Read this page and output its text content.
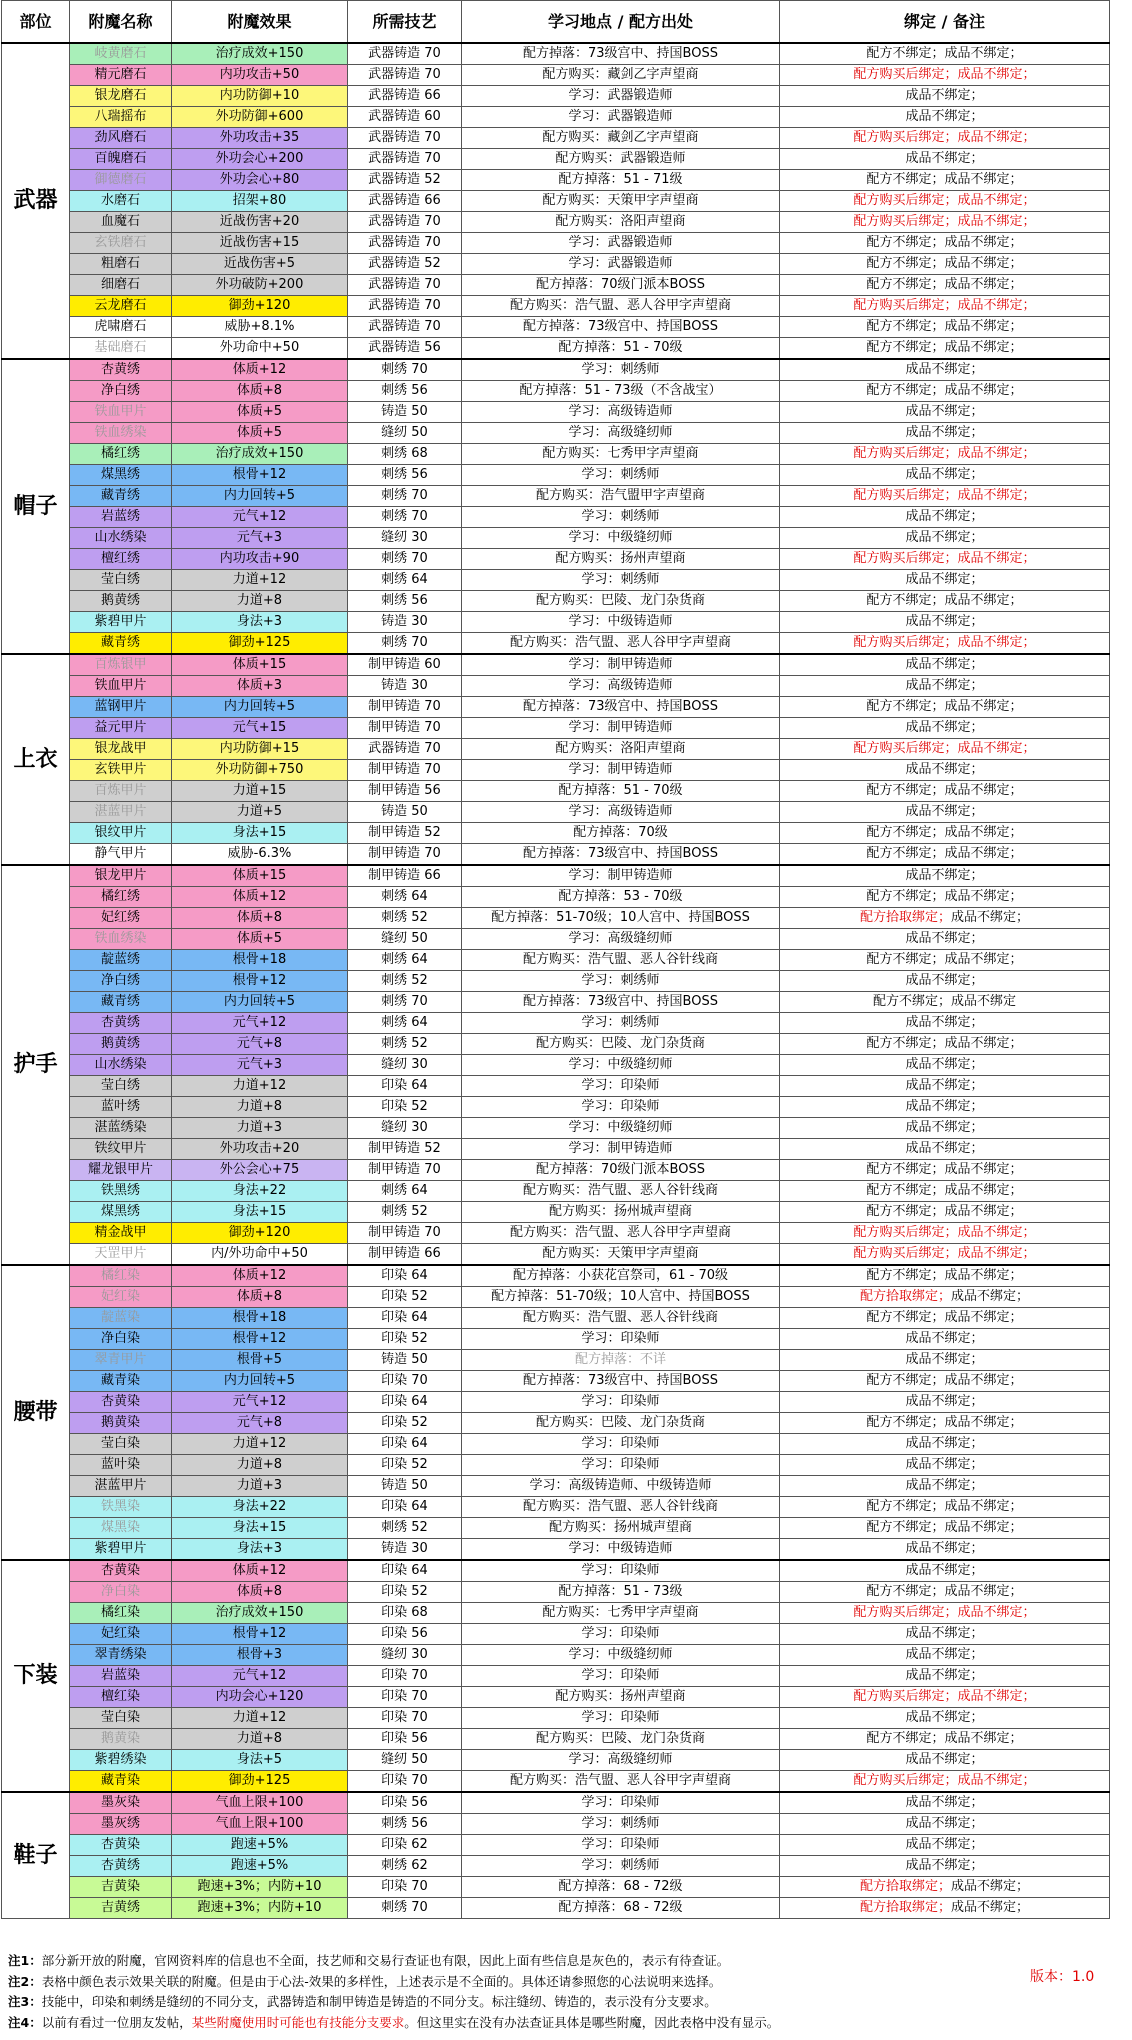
部位	附魔名称	附魔效果	所需技艺	学习地点 / 配方出处	绑定 / 备注
武器	岐黄磨石	治疗成效+150	武器铸造 70	配方掉落：73级宫中、持国BOSS	配方不绑定；成品不绑定；
	精元磨石	内功攻击+50	武器铸造 70	配方购买：藏剑乙字声望商	配方购买后绑定；成品不绑定；
	银龙磨石	内功防御+10	武器铸造 66	学习：武器锻造师	成品不绑定；
	八瑞摇布	外功防御+600	武器铸造 60	学习：武器锻造师	成品不绑定；
	劲风磨石	外功攻击+35	武器铸造 70	配方购买：藏剑乙字声望商	配方购买后绑定；成品不绑定；
	百魄磨石	外功会心+200	武器铸造 70	配方购买：武器锻造师	成品不绑定；
	御德磨石	外功会心+80	武器铸造 52	配方掉落：51 - 71级	配方不绑定；成品不绑定；
	水磨石	招架+80	武器铸造 66	配方购买：天策甲字声望商	配方购买后绑定；成品不绑定；
	血魔石	近战伤害+20	武器铸造 70	配方购买：洛阳声望商	配方购买后绑定；成品不绑定；
	玄铁磨石	近战伤害+15	武器铸造 70	学习：武器锻造师	配方不绑定；成品不绑定；
	粗磨石	近战伤害+5	武器铸造 52	学习：武器锻造师	配方不绑定；成品不绑定；
	细磨石	外功破防+200	武器铸造 70	配方掉落：70级门派本BOSS	配方不绑定；成品不绑定；
	云龙磨石	御劲+120	武器铸造 70	配方购买：浩气盟、恶人谷甲字声望商	配方购买后绑定；成品不绑定；
	虎啸磨石	威胁+8.1%	武器铸造 70	配方掉落：73级宫中、持国BOSS	配方不绑定；成品不绑定；
	基础磨石	外功命中+50	武器铸造 56	配方掉落：51 - 70级	配方不绑定；成品不绑定；
帽子	杏黄绣	体质+12	刺绣 70	学习：刺绣师	成品不绑定；
	净白绣	体质+8	刺绣 56	配方掉落：51 - 73级（不含战宝）	配方不绑定；成品不绑定；
	铁血甲片	体质+5	铸造 50	学习：高级铸造师	成品不绑定；
	铁血绣染	体质+5	缝纫 50	学习：高级缝纫师	成品不绑定；
	橘红绣	治疗成效+150	刺绣 68	配方购买：七秀甲字声望商	配方购买后绑定；成品不绑定；
	煤黑绣	根骨+12	刺绣 56	学习：刺绣师	成品不绑定；
	藏青绣	内力回转+5	刺绣 70	配方购买：浩气盟甲字声望商	配方购买后绑定；成品不绑定；
	岩蓝绣	元气+12	刺绣 70	学习：刺绣师	成品不绑定；
	山水绣染	元气+3	缝纫 30	学习：中级缝纫师	成品不绑定；
	檀红绣	内功攻击+90	刺绣 70	配方购买：扬州声望商	配方购买后绑定；成品不绑定；
	莹白绣	力道+12	刺绣 64	学习：刺绣师	成品不绑定；
	鹅黄绣	力道+8	刺绣 56	配方购买：巴陵、龙门杂货商	配方不绑定；成品不绑定；
	紫碧甲片	身法+3	铸造 30	学习：中级铸造师	成品不绑定；
	藏青绣	御劲+125	刺绣 70	配方购买：浩气盟、恶人谷甲字声望商	配方购买后绑定；成品不绑定；
上衣	百炼银甲	体质+15	制甲铸造 60	学习：制甲铸造师	成品不绑定；
	铁血甲片	体质+3	铸造 30	学习：高级铸造师	成品不绑定；
	蓝钢甲片	内力回转+5	制甲铸造 70	配方掉落：73级宫中、持国BOSS	配方不绑定；成品不绑定；
	益元甲片	元气+15	制甲铸造 70	学习：制甲铸造师	成品不绑定；
	银龙战甲	内功防御+15	武器铸造 70	配方购买：洛阳声望商	配方购买后绑定；成品不绑定；
	玄铁甲片	外功防御+750	制甲铸造 70	学习：制甲铸造师	成品不绑定；
	百炼甲片	力道+15	制甲铸造 56	配方掉落：51 - 70级	配方不绑定；成品不绑定；
	湛蓝甲片	力道+5	铸造 50	学习：高级铸造师	成品不绑定；
	银纹甲片	身法+15	制甲铸造 52	配方掉落：70级	配方不绑定；成品不绑定；
	静气甲片	威胁-6.3%	制甲铸造 70	配方掉落：73级宫中、持国BOSS	配方不绑定；成品不绑定；
护手	银龙甲片	体质+15	制甲铸造 66	学习：制甲铸造师	成品不绑定；
	橘红绣	体质+12	刺绣 64	配方掉落：53 - 70级	配方不绑定；成品不绑定；
	妃红绣	体质+8	刺绣 52	配方掉落：51-70级；10人宫中、持国BOSS	配方拾取绑定；成品不绑定；
	铁血绣染	体质+5	缝纫 50	学习：高级缝纫师	成品不绑定；
	靛蓝绣	根骨+18	刺绣 64	配方购买：浩气盟、恶人谷针线商	配方不绑定；成品不绑定；
	净白绣	根骨+12	刺绣 52	学习：刺绣师	成品不绑定；
	藏青绣	内力回转+5	刺绣 70	配方掉落：73级宫中、持国BOSS	配方不绑定；成品不绑定
	杏黄绣	元气+12	刺绣 64	学习：刺绣师	成品不绑定；
	鹅黄绣	元气+8	刺绣 52	配方购买：巴陵、龙门杂货商	配方不绑定；成品不绑定；
	山水绣染	元气+3	缝纫 30	学习：中级缝纫师	成品不绑定；
	莹白绣	力道+12	印染 64	学习：印染师	成品不绑定；
	蓝叶绣	力道+8	印染 52	学习：印染师	成品不绑定；
	湛蓝绣染	力道+3	缝纫 30	学习：中级缝纫师	成品不绑定；
	铁纹甲片	外功攻击+20	制甲铸造 52	学习：制甲铸造师	成品不绑定；
	耀龙银甲片	外公会心+75	制甲铸造 70	配方掉落：70级门派本BOSS	配方不绑定；成品不绑定；
	铁黑绣	身法+22	刺绣 64	配方购买：浩气盟、恶人谷针线商	配方不绑定；成品不绑定；
	煤黑绣	身法+15	刺绣 52	配方购买：扬州城声望商	配方不绑定；成品不绑定；
	精金战甲	御劲+120	制甲铸造 70	配方购买：浩气盟、恶人谷甲字声望商	配方购买后绑定；成品不绑定；
	天罡甲片	内/外功命中+50	制甲铸造 66	配方购买：天策甲字声望商	配方购买后绑定；成品不绑定；
腰带	橘红染	体质+12	印染 64	配方掉落：小获花宫祭司，61 - 70级	配方不绑定；成品不绑定；
	妃红染	体质+8	印染 52	配方掉落：51-70级；10人宫中、持国BOSS	配方拾取绑定；成品不绑定；
	靛蓝染	根骨+18	印染 64	配方购买：浩气盟、恶人谷针线商	配方不绑定；成品不绑定；
	净白染	根骨+12	印染 52	学习：印染师	成品不绑定；
	翠青甲片	根骨+5	铸造 50	配方掉落：不详	成品不绑定；
	藏青染	内力回转+5	印染 70	配方掉落：73级宫中、持国BOSS	配方不绑定；成品不绑定；
	杏黄染	元气+12	印染 64	学习：印染师	成品不绑定；
	鹅黄染	元气+8	印染 52	配方购买：巴陵、龙门杂货商	配方不绑定；成品不绑定；
	莹白染	力道+12	印染 64	学习：印染师	成品不绑定；
	蓝叶染	力道+8	印染 52	学习：印染师	成品不绑定；
	湛蓝甲片	力道+3	铸造 50	学习：高级铸造师、中级铸造师	成品不绑定；
	铁黑染	身法+22	印染 64	配方购买：浩气盟、恶人谷针线商	配方不绑定；成品不绑定；
	煤黑染	身法+15	刺绣 52	配方购买：扬州城声望商	配方不绑定；成品不绑定；
	紫碧甲片	身法+3	铸造 30	学习：中级铸造师	成品不绑定；
下装	杏黄染	体质+12	印染 64	学习：印染师	成品不绑定；
	净白染	体质+8	印染 52	配方掉落：51 - 73级	配方不绑定；成品不绑定；
	橘红染	治疗成效+150	印染 68	配方购买：七秀甲字声望商	配方购买后绑定；成品不绑定；
	妃红染	根骨+12	印染 56	学习：印染师	成品不绑定；
	翠青绣染	根骨+3	缝纫 30	学习：中级缝纫师	成品不绑定；
	岩蓝染	元气+12	印染 70	学习：印染师	成品不绑定；
	檀红染	内功会心+120	印染 70	配方购买：扬州声望商	配方购买后绑定；成品不绑定；
	莹白染	力道+12	印染 70	学习：印染师	成品不绑定；
	鹅黄染	力道+8	印染 56	配方购买：巴陵、龙门杂货商	配方不绑定；成品不绑定；
	紫碧绣染	身法+5	缝纫 50	学习：高级缝纫师	成品不绑定；
	藏青染	御劲+125	印染 70	配方购买：浩气盟、恶人谷甲字声望商	配方购买后绑定；成品不绑定；
鞋子	墨灰染	气血上限+100	印染 56	学习：印染师	成品不绑定；
	墨灰绣	气血上限+100	刺绣 56	学习：刺绣师	成品不绑定；
	杏黄染	跑速+5%	印染 62	学习：印染师	成品不绑定；
	杏黄绣	跑速+5%	刺绣 62	学习：刺绣师	成品不绑定；
	吉黄染	跑速+3%；内防+10	印染 70	配方掉落：68 - 72级	配方拾取绑定；成品不绑定；
	吉黄绣	跑速+3%；内防+10	刺绣 70	配方掉落：68 - 72级	配方拾取绑定；成品不绑定；
注1：部分新开放的附魔，官网资料库的信息也不全面，技艺师和交易行查证也有限，因此上面有些信息是灰色的，表示有待查证。
注2：表格中颜色表示效果关联的附魔。但是由于心法-效果的多样性，上述表示是不全面的。具体还请参照您的心法说明来选择。
注3：技能中，印染和刺绣是缝纫的不同分支，武器铸造和制甲铸造是铸造的不同分支。标注缝纫、铸造的，表示没有分支要求。
注4：以前有看过一位朋友发帖，某些附魔使用时可能也有技能分支要求。但这里实在没有办法查证具体是哪些附魔，因此表格中没有显示。
版本：1.0
